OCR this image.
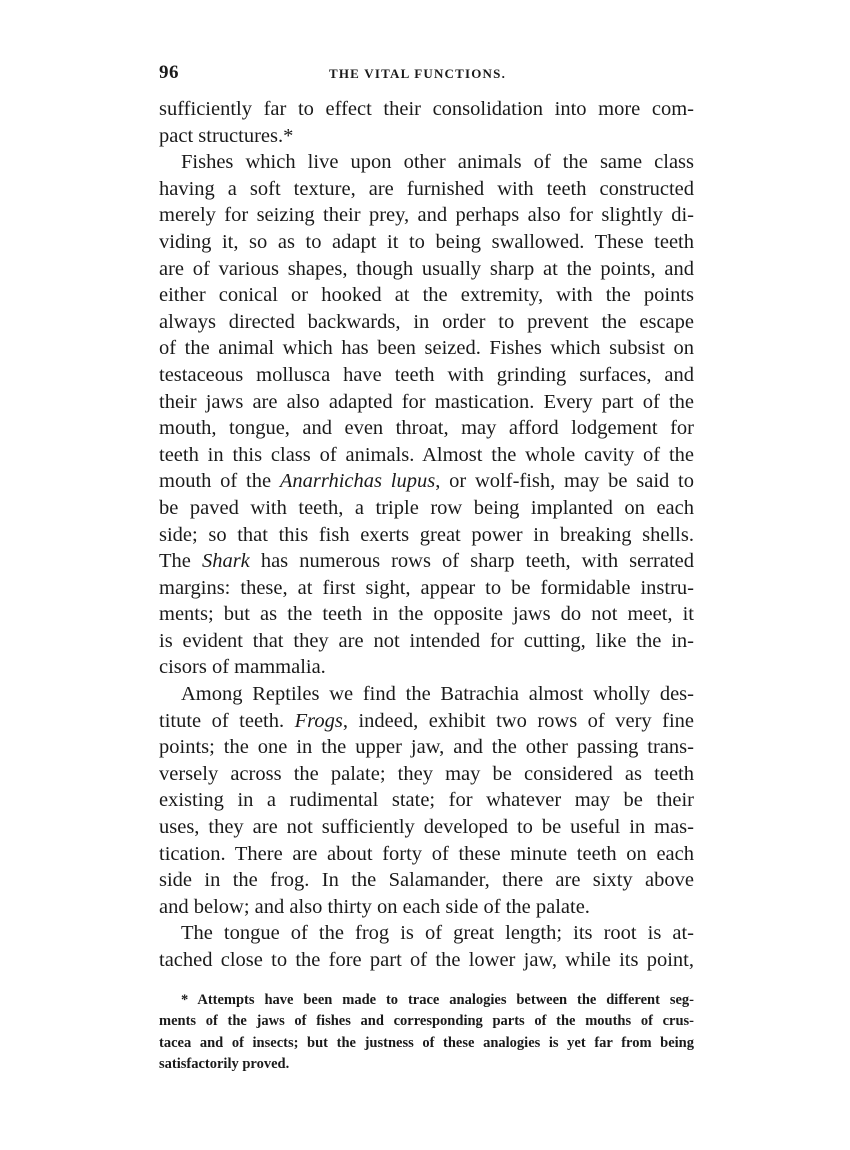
96	THE VITAL FUNCTIONS.
sufficiently far to effect their consolidation into more com-
pact structures.*
Fishes which live upon other animals of the same class
having a soft texture, are furnished with teeth constructed
merely for seizing their prey, and perhaps also for slightly di-
viding it, so as to adapt it to being swallowed. These teeth
are of various shapes, though usually sharp at the points, and
either conical or hooked at the extremity, with the points
always directed backwards, in order to prevent the escape
of the animal which has been seized. Fishes which subsist on
testaceous mollusca have teeth with grinding surfaces, and
their jaws are also adapted for mastication. Every part of the
mouth, tongue, and even throat, may afford lodgement for
teeth in this class of animals. Almost the whole cavity of the
mouth of the Anarrhichas lupus, or wolf-fish, may be said to
be paved with teeth, a triple row being implanted on each
side; so that this fish exerts great power in breaking shells.
The Shark has numerous rows of sharp teeth, with serrated
margins: these, at first sight, appear to be formidable instru-
ments; but as the teeth in the opposite jaws do not meet, it
is evident that they are not intended for cutting, like the in-
cisors of mammalia.
Among Reptiles we find the Batrachia almost wholly des-
titute of teeth. Frogs, indeed, exhibit two rows of very fine
points; the one in the upper jaw, and the other passing trans-
versely across the palate; they may be considered as teeth
existing in a rudimental state; for whatever may be their
uses, they are not sufficiently developed to be useful in mas-
tication. There are about forty of these minute teeth on each
side in the frog. In the Salamander, there are sixty above
and below; and also thirty on each side of the palate.
The tongue of the frog is of great length; its root is at-
tached close to the fore part of the lower jaw, while its point,
* Attempts have been made to trace analogies between the different seg-
ments of the jaws of fishes and corresponding parts of the mouths of crus-
tacea and of insects; but the justness of these analogies is yet far from being
satisfactorily proved.
